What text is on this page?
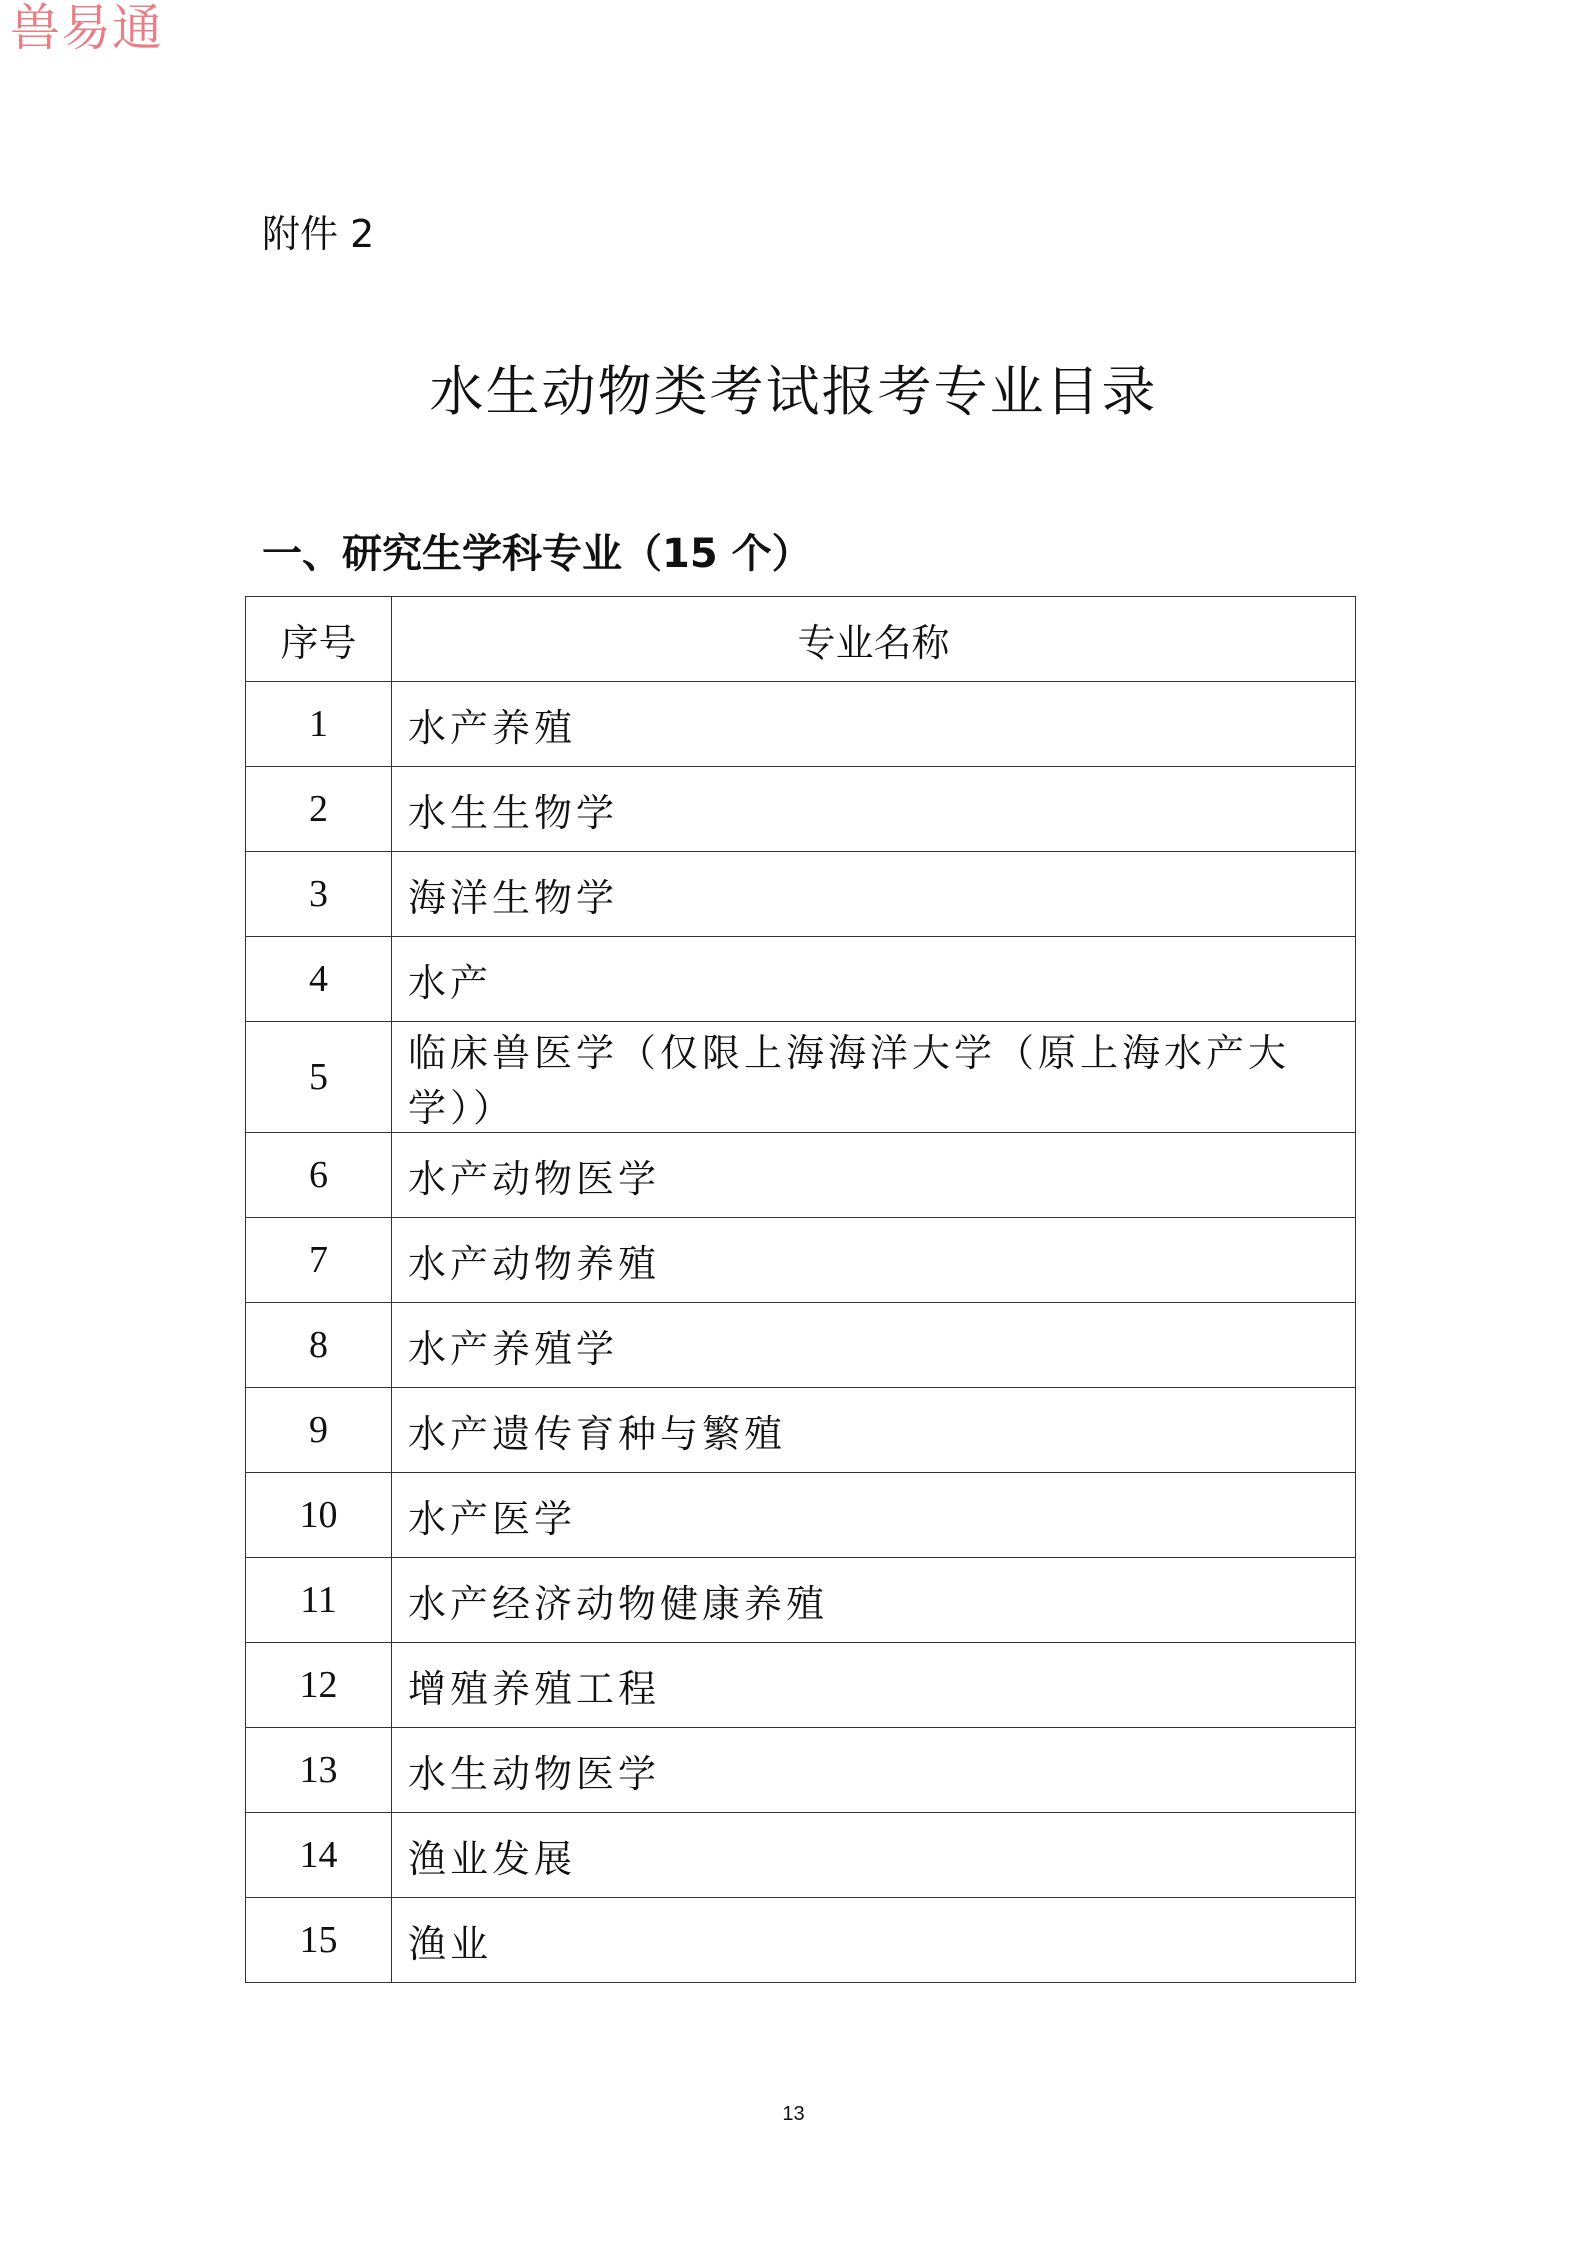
兽易通
附件 2
水生动物类考试报考专业目录
一、研究生学科专业（15 个）
序号	专业名称
1	水产养殖
2	水生生物学
3	海洋生物学
4	水产
5	临床兽医学（仅限上海海洋大学（原上海水产大学））
6	水产动物医学
7	水产动物养殖
8	水产养殖学
9	水产遗传育种与繁殖
10	水产医学
11	水产经济动物健康养殖
12	增殖养殖工程
13	水生动物医学
14	渔业发展
15	渔业
13
